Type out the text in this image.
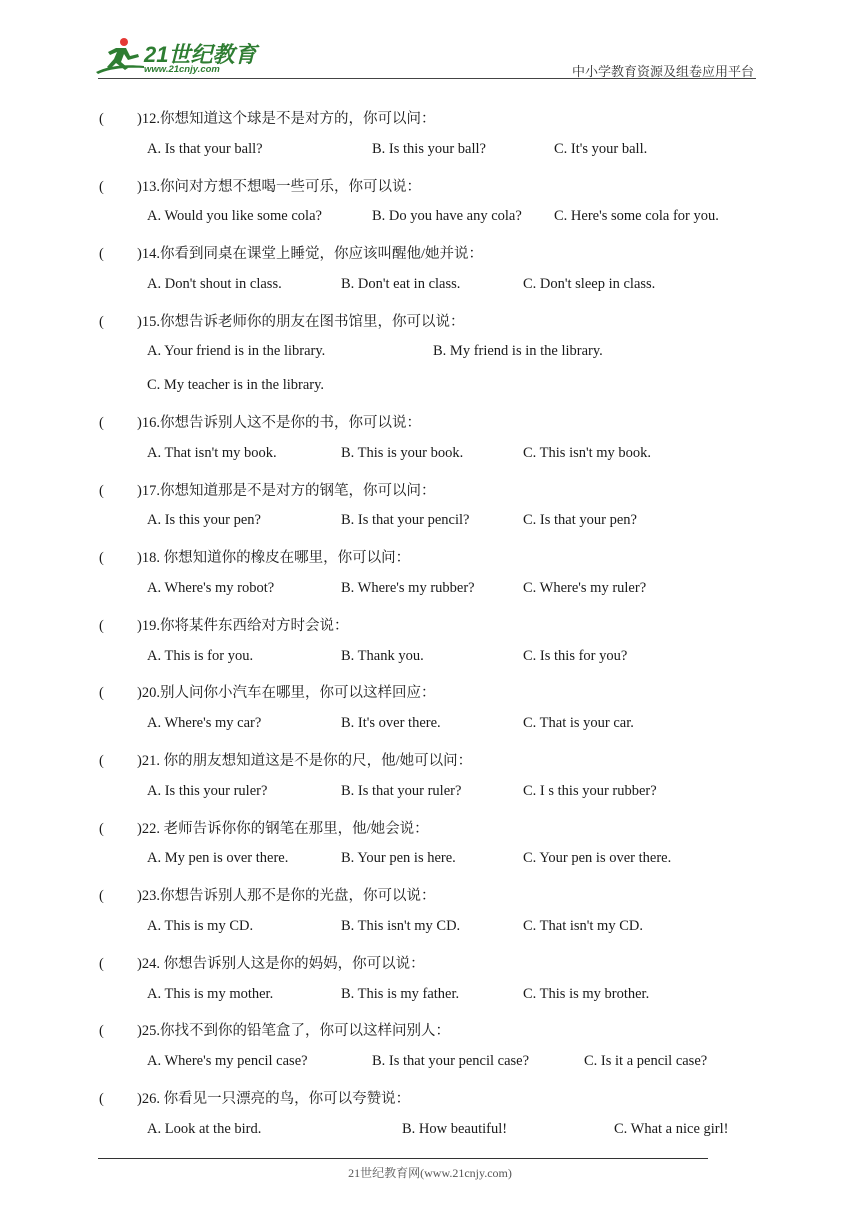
21世纪教育
www.21cnjy.com	中小学教育资源及组卷应用平台
( )12.你想知道这个球是不是对方的，你可以问：
A. Is that your ball?	B. Is this your ball?	C. It's your ball.
( )13.你问对方想不想喝一些可乐，你可以说：
A. Would you like some cola?	B. Do you have any cola? C. Here's some cola for you.
( )14.你看到同桌在课堂上睡觉，你应该叫醒他/她并说：
A. Don't shout in class.	B. Don't eat in class.	C. Don't sleep in class.
( )15.你想告诉老师你的朋友在图书馆里，你可以说：
A. Your friend is in the library.	B. My friend is in the library.
C. My teacher is in the library.
( )16.你想告诉别人这不是你的书，你可以说：
A. That isn't my book.	B. This is your book.	C. This isn't my book.
( )17.你想知道那是不是对方的钢笔，你可以问：
A. Is this your pen?	B. Is that your pencil?	C. Is that your pen?
( )18. 你想知道你的橡皮在哪里，你可以问：
A. Where's my robot?	B. Where's my rubber?	C. Where's my ruler?
( )19.你将某件东西给对方时会说：
A. This is for you.	B. Thank you.	C. Is this for you?
( )20.别人问你小汽车在哪里，你可以这样回应：
A. Where's my car?	B. It's over there.	C. That is your car.
( )21. 你的朋友想知道这是不是你的尺，他/她可以问：
A. Is this your ruler?	B. Is that your ruler?	C. I s this your rubber?
( )22. 老师告诉你你的钢笔在那里，他/她会说：
A. My pen is over there.	B. Your pen is here.	C. Your pen is over there.
( )23.你想告诉别人那不是你的光盘，你可以说：
A. This is my CD.	B. This isn't my CD.	C. That isn't my CD.
( )24. 你想告诉别人这是你的妈妈，你可以说：
A. This is my mother.	B. This is my father.	C. This is my brother.
( )25.你找不到你的铅笔盒了，你可以这样问别人：
A. Where's my pencil case?	B. Is that your pencil case?	C. Is it a pencil case?
( )26. 你看见一只漂亮的鸟，你可以夸赞说：
A. Look at the bird.	B. How beautiful!	C. What a nice girl!
21世纪教育网(www.21cnjy.com)
